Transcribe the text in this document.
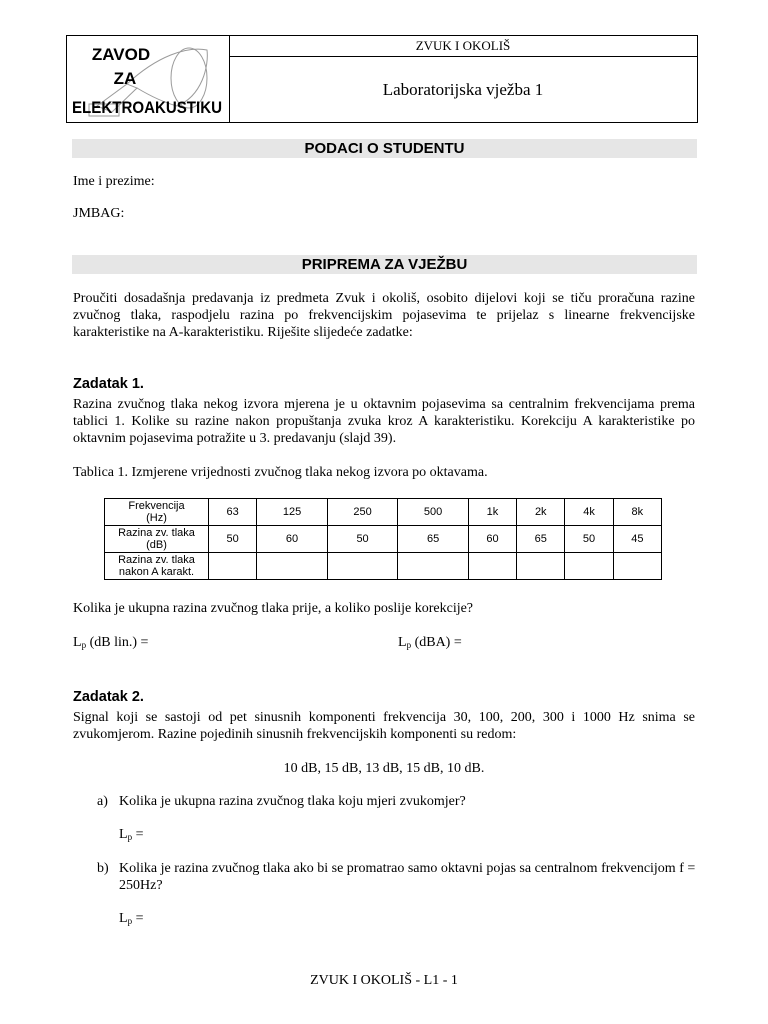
ZAVOD
ZA
ELEKTROAKUSTIKU
ZVUK I OKOLIŠ
Laboratorijska vježba 1
PODACI O STUDENTU
Ime i prezime:
JMBAG:
PRIPREMA ZA VJEŽBU
Proučiti dosadašnja predavanja iz predmeta Zvuk i okoliš, osobito dijelovi koji se tiču proračuna razine zvučnog tlaka, raspodjelu razina po frekvencijskim pojasevima te prijelaz s linearne frekvencijske karakteristike na A-karakteristiku. Riješite slijedeće zadatke:
Zadatak 1.
Razina zvučnog tlaka nekog izvora mjerena je u oktavnim pojasevima sa centralnim frekvencijama prema tablici 1. Kolike su razine nakon propuštanja zvuka kroz A karakteristiku. Korekciju A karakteristike po oktavnim pojasevima potražite u 3. predavanju (slajd 39).
Tablica 1. Izmjerene vrijednosti zvučnog tlaka nekog izvora po oktavama.
Frekvencija
(Hz)	63	125	250	500	1k	2k	4k	8k
Razina zv. tlaka
(dB)	50	60	50	65	60	65	50	45
Razina zv. tlaka
nakon A karakt.								
Kolika je ukupna razina zvučnog tlaka prije, a koliko poslije korekcije?
$L_p$ (dB lin.) =	$L_p$ (dBA) =
Zadatak 2.
Signal koji se sastoji od pet sinusnih komponenti frekvencija 30, 100, 200, 300 i 1000 Hz snima se zvukomjerom. Razine pojedinih sinusnih frekvencijskih komponenti su redom:
10 dB, 15 dB, 13 dB, 15 dB, 10 dB.
a) Kolika je ukupna razina zvučnog tlaka koju mjeri zvukomjer?
$L_p$ =
b) Kolika je razina zvučnog tlaka ako bi se promatrao samo oktavni pojas sa centralnom frekvencijom f = 250Hz?
$L_p$ =
ZVUK I OKOLIŠ - L1 - 1
